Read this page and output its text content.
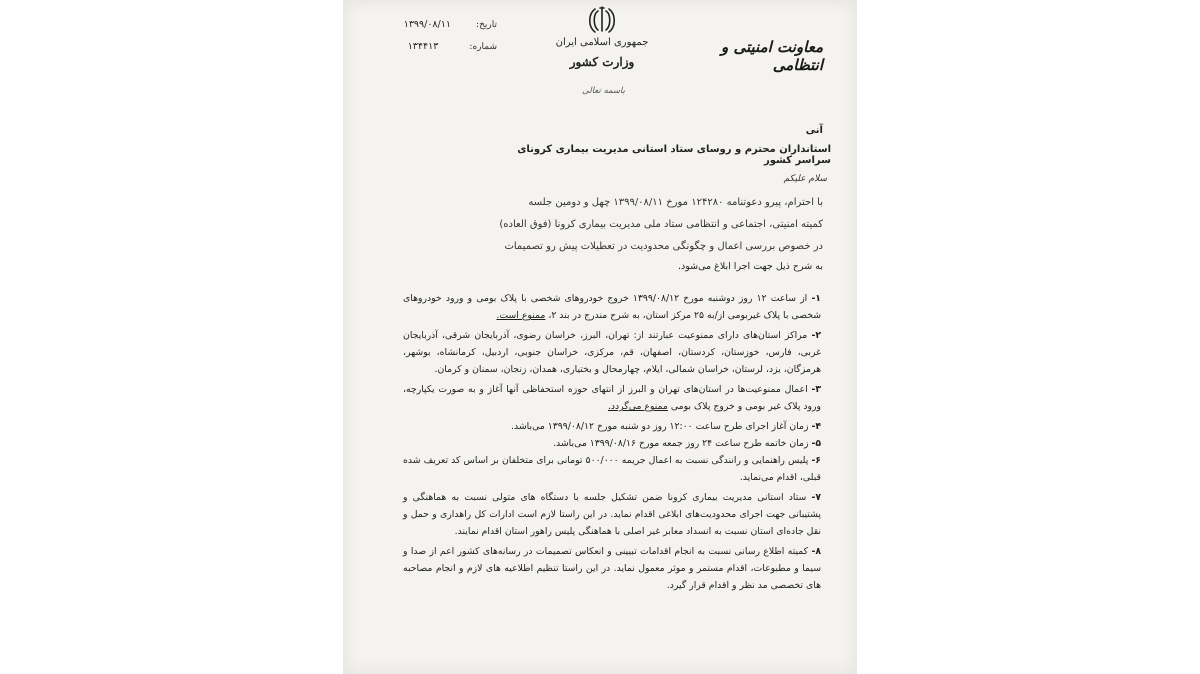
تاریخ: ۱۳۹۹/۰۸/۱۱
شماره: ۱۳۴۴۱۳	جمهوری اسلامی ایران
وزارت کشور
باسمه تعالی
معاونت امنیتی و انتظامی
آنی
استانداران محترم و روسای ستاد استانی مدیریت بیماری کرونای سراسر کشور
سلام علیکم
با احترام، پیرو دعوتنامه ۱۲۴۲۸۰ مورخ ۱۳۹۹/۰۸/۱۱ چهل و دومین جلسه
کمیته امنیتی، اجتماعی و انتظامی ستاد ملی مدیریت بیماری کرونا (فوق العاده)
در خصوص بررسی اعمال و چگونگی محدودیت در تعطیلات پیش رو تصمیمات
به شرح ذیل جهت اجرا ابلاغ می‌شود.
۱- از ساعت ۱۲ روز دوشنبه مورخ ۱۳۹۹/۰۸/۱۲ خروج خودروهای شخصی با پلاک بومی و ورود خودروهای شخصی با پلاک غیربومی از/به ۲۵ مرکز استان، به شرح مندرج در بند ۲، ممنوع است.
۲- مراکز استان‌های دارای ممنوعیت عبارتند از: تهران، البرز، خراسان رضوی، آذربایجان شرقی، آذربایجان غربی، فارس، خوزستان، کردستان، اصفهان، قم، مرکزی، خراسان جنوبی، اردبیل، کرمانشاه، بوشهر، هرمزگان، یزد، لرستان، خراسان شمالی، ایلام، چهارمحال و بختیاری، همدان، زنجان، سمنان و کرمان.
۳- اعمال ممنوعیت‌ها در استان‌های تهران و البرز از انتهای حوزه استحفاظی آنها آغاز و به صورت یکپارچه، ورود پلاک غیر بومی و خروج پلاک بومی ممنوع می‌گردد.
۴- زمان آغاز اجرای طرح ساعت ۱۲:۰۰ روز دو شنبه مورخ ۱۳۹۹/۰۸/۱۲ می‌باشد.
۵- زمان خاتمه طرح ساعت ۲۴ روز جمعه مورخ ۱۳۹۹/۰۸/۱۶ می‌باشد.
۶- پلیس راهنمایی و رانندگی نسبت به اعمال جریمه ۵۰۰/۰۰۰ تومانی برای متخلفان بر اساس کد تعریف شده قبلی، اقدام می‌نماید.
۷- ستاد استانی مدیریت بیماری کرونا ضمن تشکیل جلسه با دستگاه های متولی نسبت به هماهنگی و پشتیبانی جهت اجرای محدودیت‌های ابلاغی اقدام نماید. در این راستا لازم است ادارات کل راهداری و حمل و نقل جاده‌ای استان نسبت به انسداد معابر غیر اصلی با هماهنگی پلیس راهور استان اقدام نمایند.
۸- کمیته اطلاع رسانی نسبت به انجام اقدامات تبیینی و انعکاس تصمیمات در رسانه‌های کشور اعم از صدا و سیما و مطبوعات، اقدام مستمر و موثر معمول نماید. در این راستا تنظیم اطلاعیه های لازم و انجام مصاحبه های تخصصی مد نظر و اقدام قرار گیرد.
